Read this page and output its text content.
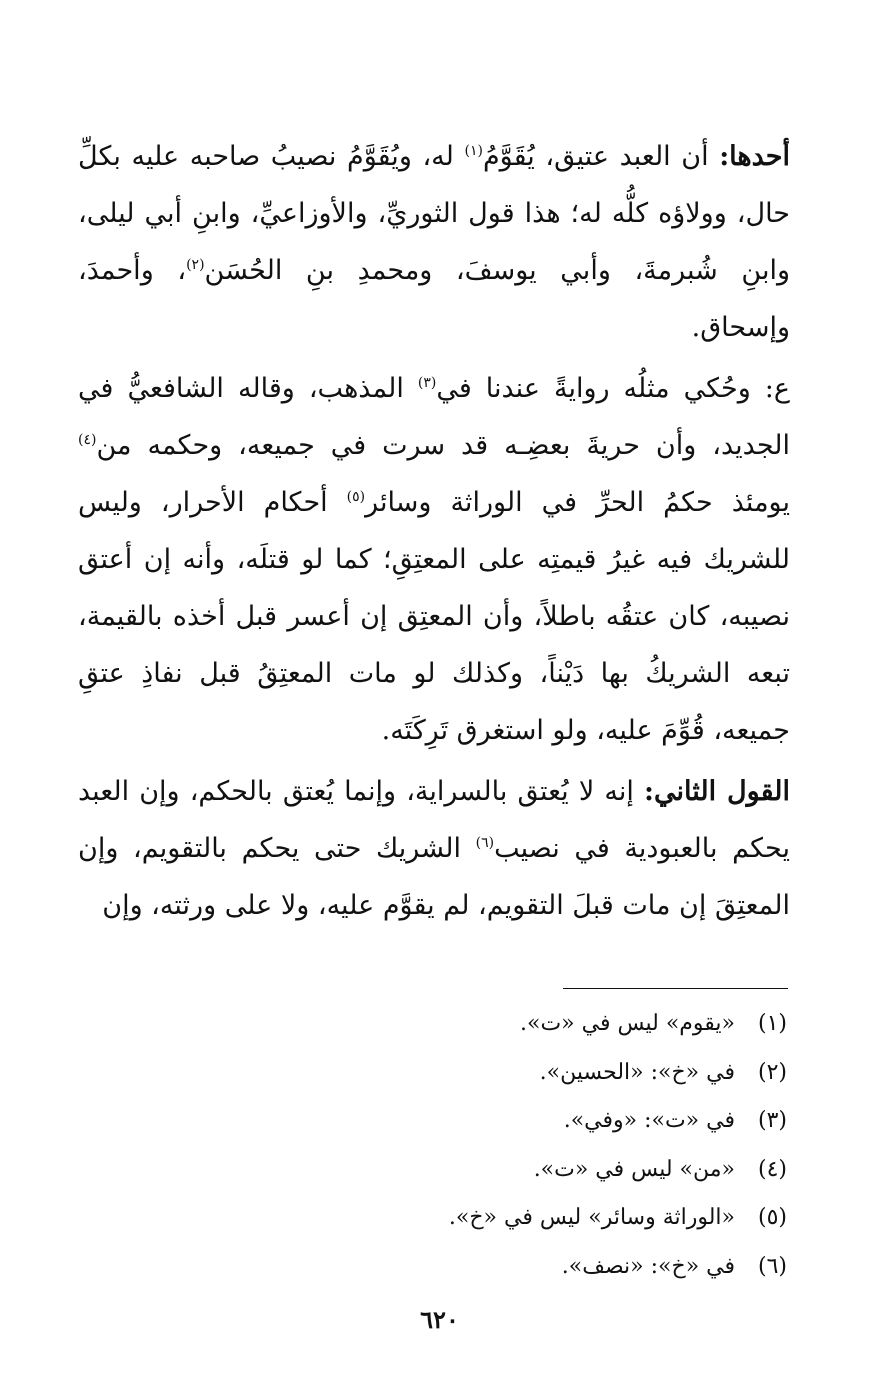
أحدها: أن العبد عتيق، يُقَوَّمُ$^{(١)}$ له، ويُقَوَّمُ نصيبُ صاحبه عليه بكلِّ حال، وولاؤه كلُّه له؛ هذا قول الثوريِّ، والأوزاعيِّ، وابنِ أبي ليلى، وابنِ شُبرمةَ، وأبي يوسفَ، ومحمدِ بنِ الحُسَن$^{(٢)}$، وأحمدَ، وإسحاق.

ع: وحُكي مثلُه روايةً عندنا في$^{(٣)}$ المذهب، وقاله الشافعيُّ في الجديد، وأن حريةَ بعضِـه قد سرت في جميعه، وحكمه من$^{(٤)}$ يومئذ حكمُ الحرِّ في الوراثة وسائر$^{(٥)}$ أحكام الأحرار، وليس للشريك فيه غيرُ قيمتِه على المعتِقِ؛ كما لو قتلَه، وأنه إن أعتق نصيبه، كان عتقُه باطلاً، وأن المعتِق إن أعسر قبل أخذه بالقيمة، تبعه الشريكُ بها دَيْناً، وكذلك لو مات المعتِقُ قبل نفاذِ عتقِ جميعه، قُوِّمَ عليه، ولو استغرق تَرِكَتَه.

القول الثاني: إنه لا يُعتق بالسراية، وإنما يُعتق بالحكم، وإن العبد يحكم بالعبودية في نصيب$^{(٦)}$ الشريك حتى يحكم بالتقويم، وإن المعتِقَ إن مات قبلَ التقويم، لم يقوَّم عليه، ولا على ورثته، وإن

(١)«يقوم» ليس في «ت».
(٢)في «خ»: «الحسين».
(٣)في «ت»: «وفي».
(٤)«من» ليس في «ت».
(٥)«الوراثة وسائر» ليس في «خ».
(٦)في «خ»: «نصف».
٦٢٠
